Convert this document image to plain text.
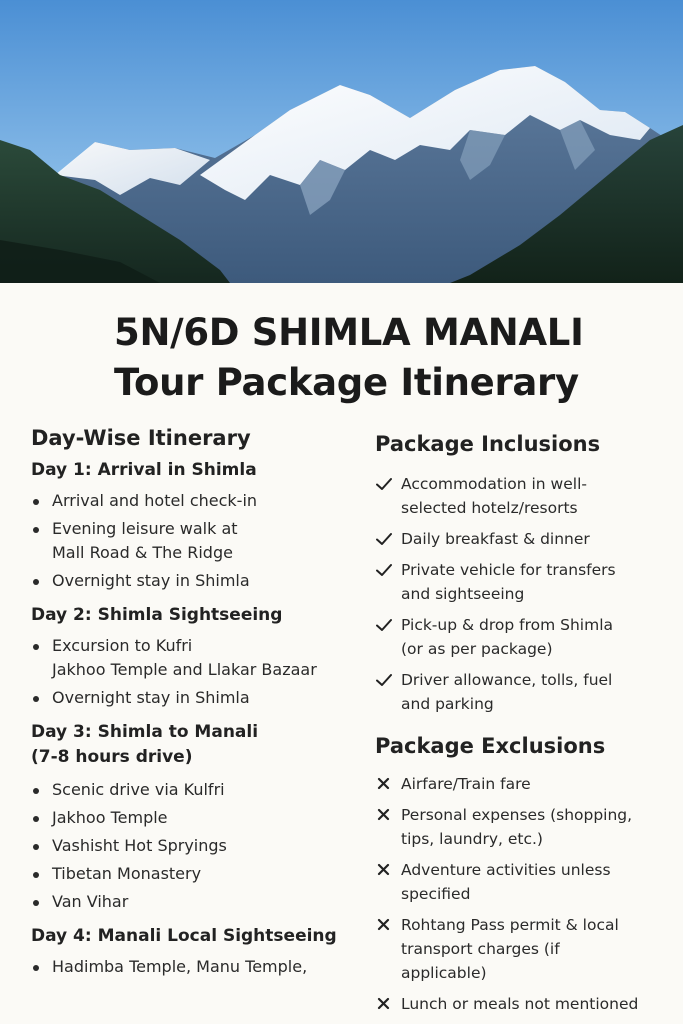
5N/6D SHIMLA MANALI
Tour Package Itinerary
Day-Wise Itinerary
Day 1: Arrival in Shimla
Arrival and hotel check-in
Evening leisure walk at
Mall Road & The Ridge
Overnight stay in Shimla
Day 2: Shimla Sightseeing
Excursion to Kufri
Jakhoo Temple and Llakar Bazaar
Overnight stay in Shimla
Day 3: Shimla to Manali
(7-8 hours drive)
Scenic drive via Kulfri
Jakhoo Temple
Vashisht Hot Sprying​s
Tibetan Monastery
Van Vihar
Day 4: Manali Local Sightseeing
Hadimba Temple, Manu Temple,
Package Inclusions
Accommodation in well-
selected hotelz/resorts
Daily breakfast & dinner
Private vehicle for transfers
and sightseeing
Pick-up & drop from Shimla
(or as per package)
Driver allowance, tolls, fuel
and parking
Package Exclusions
Airfare/Train fare
Personal expenses (shopping,
tips, laundry, etc.)
Adventure activities unless
specified
Rohtang Pass permit & local
transport charges (if
applicable)
Lunch or meals not mentioned
